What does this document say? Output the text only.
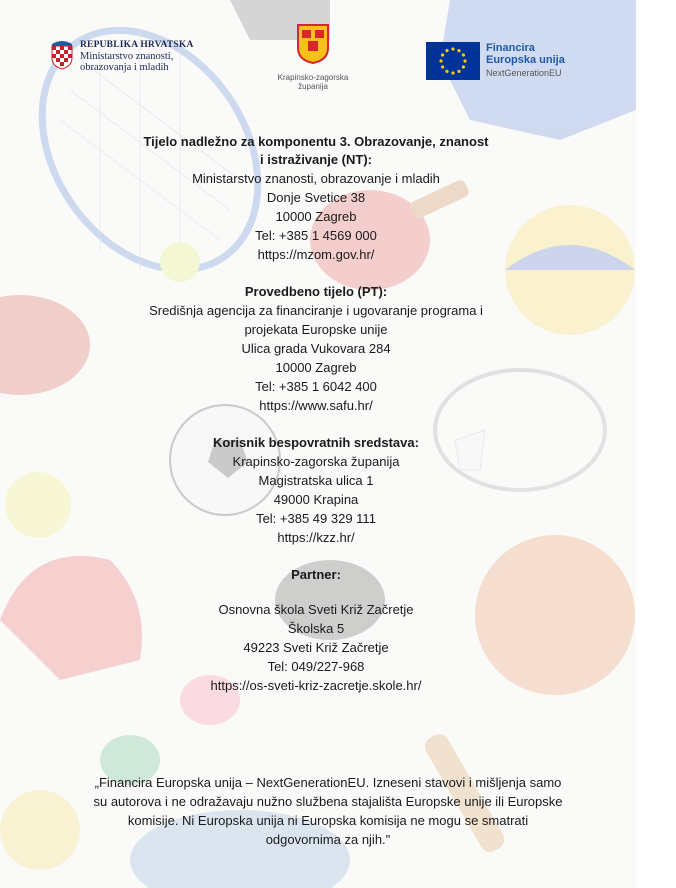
REPUBLIKA HRVATSKA
Ministarstvo znanosti,
obrazovanja i mladih
Krapinsko-zagorska
županija
Financira
Europska unija
NextGenerationEU
Tijelo nadležno za komponentu 3. Obrazovanje, znanost
i istraživanje (NT):
Ministarstvo znanosti, obrazovanje i mladih
Donje Svetice 38
10000 Zagreb
Tel: +385 1 4569 000
https://mzom.gov.hr/
Provedbeno tijelo (PT):
Središnja agencija za financiranje i ugovaranje programa i
projekata Europske unije
Ulica grada Vukovara 284
10000 Zagreb
Tel: +385 1 6042 400
https://www.safu.hr/
Korisnik bespovratnih sredstava:
Krapinsko-zagorska županija
Magistratska ulica 1
49000 Krapina
Tel: +385 49 329 111
https://kzz.hr/
Partner:
Osnovna škola Sveti Križ Začretje
Školska 5
49223 Sveti Križ Začretje
Tel: 049/227-968
https://os-sveti-kriz-zacretje.skole.hr/
„Financira Europska unija – NextGenerationEU. Izneseni stavovi i mišljenja samo
su autorova i ne odražavaju nužno službena stajališta Europske unije ili Europske
komisije. Ni Europska unija ni Europska komisija ne mogu se smatrati
odgovornima za njih."
